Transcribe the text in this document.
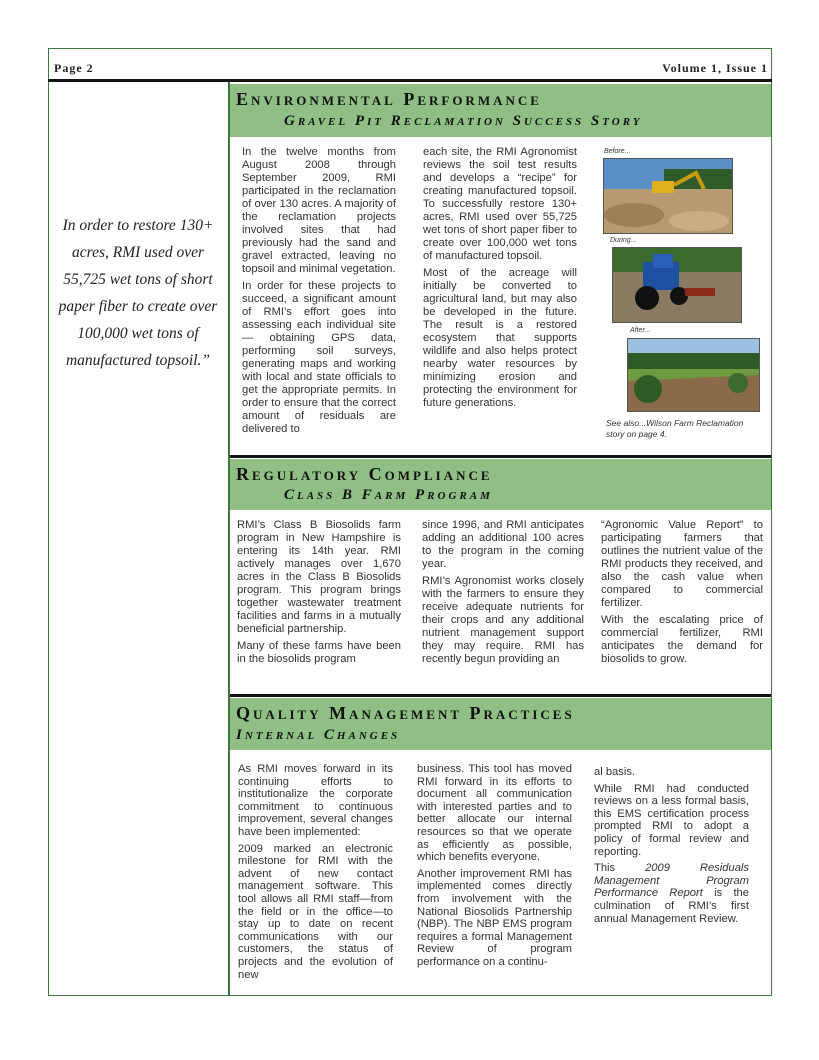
Page 2	Volume 1, Issue 1
In order to restore 130+ acres, RMI used over 55,725 wet tons of short paper fiber to create over 100,000 wet tons of manufactured topsoil.”
Environmental Performance
Gravel Pit Reclamation Success Story

In the twelve months from August 2008 through September 2009, RMI participated in the reclamation of over 130 acres. A majority of the reclamation projects involved sites that had previously had the sand and gravel extracted, leaving no topsoil and minimal vegetation.

In order for these projects to succeed, a significant amount of RMI’s effort goes into assessing each individual site— obtaining GPS data, performing soil surveys, generating maps and working with local and state officials to get the appropriate permits. In order to ensure that the correct amount of residuals are delivered to

each site, the RMI Agronomist reviews the soil test results and develops a “recipe” for creating manufactured topsoil. To successfully restore 130+ acres, RMI used over 55,725 wet tons of short paper fiber to create over 100,000 wet tons of manufactured topsoil.

Most of the acreage will initially be converted to agricultural land, but may also be developed in the future. The result is a restored ecosystem that supports wildlife and also helps protect nearby water resources by minimizing erosion and protecting the environment for future generations.

Before...
During...
After...
See also...Wilson Farm Reclamation story on page 4.
Regulatory Compliance
Class B Farm Program

RMI’s Class B Biosolids farm program in New Hampshire is entering its 14th year. RMI actively manages over 1,670 acres in the Class B Biosolids program. This program brings together wastewater treatment facilities and farms in a mutually beneficial partnership.

Many of these farms have been in the biosolids program

since 1996, and RMI anticipates adding an additional 100 acres to the program in the coming year.

RMI’s Agronomist works closely with the farmers to ensure they receive adequate nutrients for their crops and any additional nutrient management support they may require. RMI has recently begun providing an

“Agronomic Value Report” to participating farmers that outlines the nutrient value of the RMI products they received, and also the cash value when compared to commercial fertilizer.

With the escalating price of commercial fertilizer, RMI anticipates the demand for biosolids to grow.

Quality Management Practices
Internal Changes

As RMI moves forward in its continuing efforts to institutionalize the corporate commitment to continuous improvement, several changes have been implemented:

2009 marked an electronic milestone for RMI with the advent of new contact management software. This tool allows all RMI staff—from the field or in the office—to stay up to date on recent communications with our customers, the status of projects and the evolution of new

business. This tool has moved RMI forward in its efforts to document all communication with interested parties and to better allocate our internal resources so that we operate as efficiently as possible, which benefits everyone.

Another improvement RMI has implemented comes directly from involvement with the National Biosolids Partnership (NBP). The NBP EMS program requires a formal Management Review of program performance on a continu-

al basis.

While RMI had conducted reviews on a less formal basis, this EMS certification process prompted RMI to adopt a policy of formal review and reporting.

This 2009 Residuals Management Program Performance Report is the culmination of RMI’s first annual Management Review.
